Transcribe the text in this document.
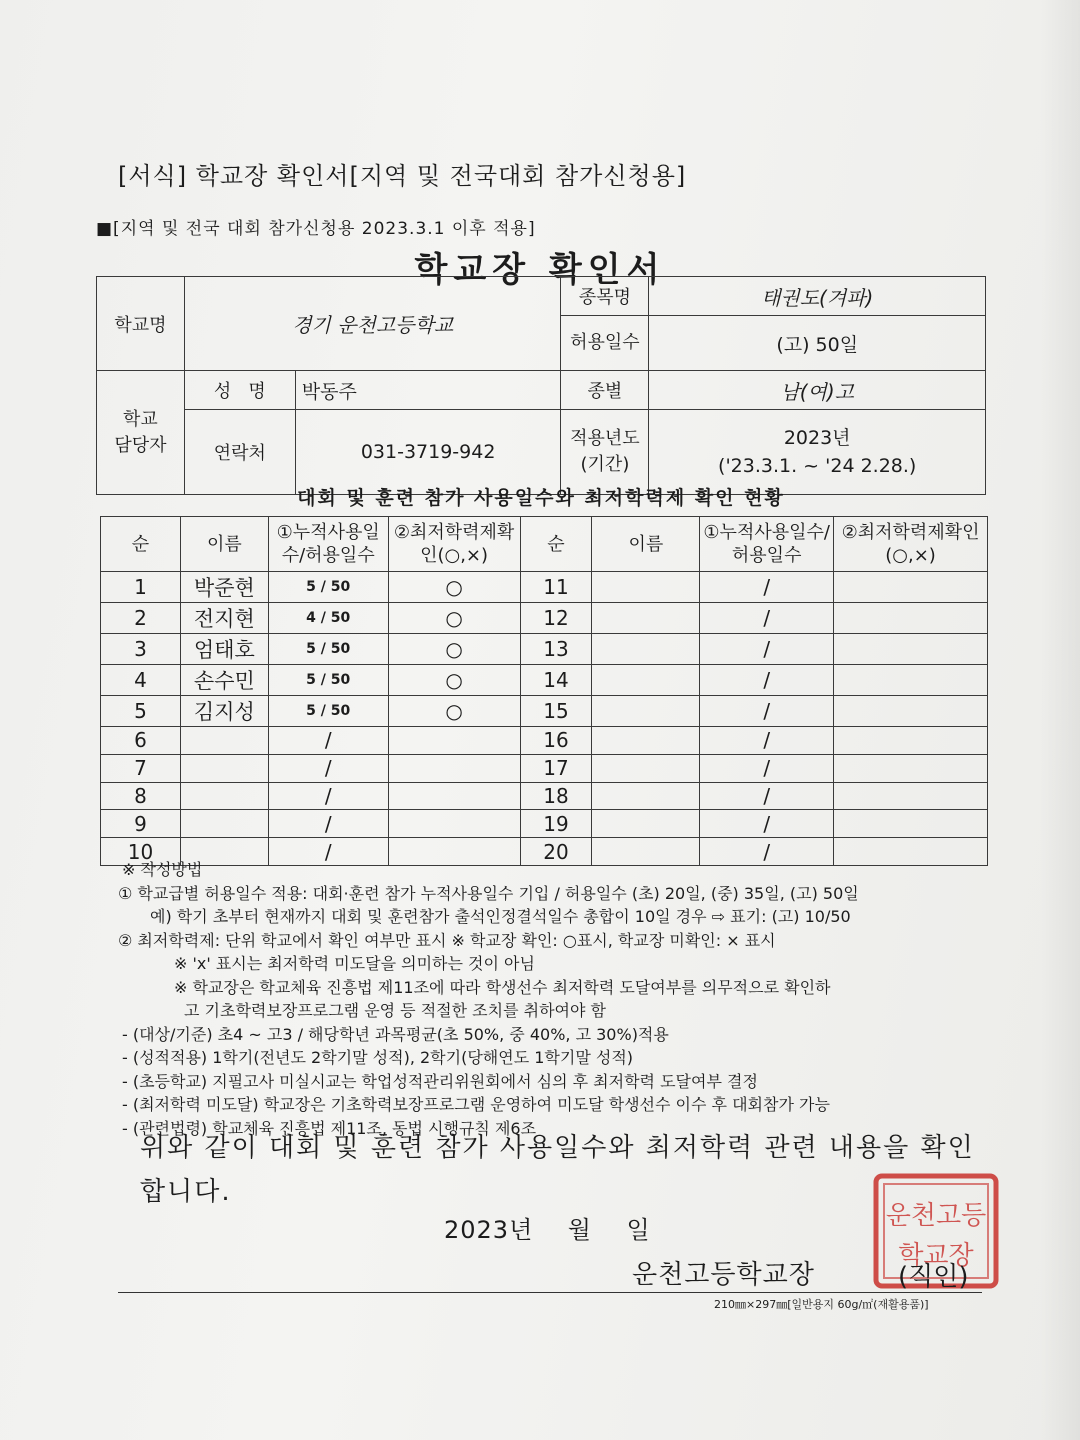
[서식] 학교장 확인서[지역 및 전국대회 참가신청용]
■[지역 및 전국 대회 참가신청용 2023.3.1 이후 적용]
학교장 확인서
학교명	경기 운천고등학교		종목명	태권도(겨파)
			허용일수	(고) 50일
학교
담당자	성   명	박동주	종별	남(여)고
	연락처	031-3719-942	적용년도(기간)	2023년
('23.3.1. ~ '24 2.28.)
대회 및 훈련 참가 사용일수와 최저학력제 확인 현황
순	이름	①누적사용일수/허용일수	②최저학력제확인(○,×)	순	이름	①누적사용일수/허용일수	②최저학력제확인(○,×)
1	박준현	5 / 50	○	11		/	
2	전지현	4 / 50	○	12		/	
3	엄태호	5 / 50	○	13		/	
4	손수민	5 / 50	○	14		/	
5	김지성	5 / 50	○	15		/	
6		/		16		/	
7		/		17		/	
8		/		18		/	
9		/		19		/	
10		/		20		/	
※ 작성방법
① 학교급별 허용일수 적용: 대회·훈련 참가 누적사용일수 기입 / 허용일수 (초) 20일, (중) 35일, (고) 50일
예) 학기 초부터 현재까지 대회 및 훈련참가 출석인정결석일수 총합이 10일 경우 ⇨ 표기: (고) 10/50
② 최저학력제: 단위 학교에서 확인 여부만 표시 ※ 학교장 확인: ○표시, 학교장 미확인: × 표시
※ 'x' 표시는 최저학력 미도달을 의미하는 것이 아님
※ 학교장은 학교체육 진흥법 제11조에 따라 학생선수 최저학력 도달여부를 의무적으로 확인하
고 기초학력보장프로그램 운영 등 적절한 조치를 취하여야 함
- (대상/기준) 초4 ~ 고3 / 해당학년 과목평균(초 50%, 중 40%, 고 30%)적용
- (성적적용) 1학기(전년도 2학기말 성적), 2학기(당해연도 1학기말 성적)
- (초등학교) 지필고사 미실시교는 학업성적관리위원회에서 심의 후 최저학력 도달여부 결정
- (최저학력 미도달) 학교장은 기초학력보장프로그램 운영하여 미도달 학생선수 이수 후 대회참가 가능
- (관련법령) 학교체육 진흥법 제11조, 동법 시행규칙 제6조
위와 같이 대회 및 훈련 참가 사용일수와 최저학력 관련 내용을 확인합니다.
2023년    월    일	운천고등
학교장
운천고등학교장	(직인)
210㎜×297㎜[일반용지 60g/㎡(재활용품)]
